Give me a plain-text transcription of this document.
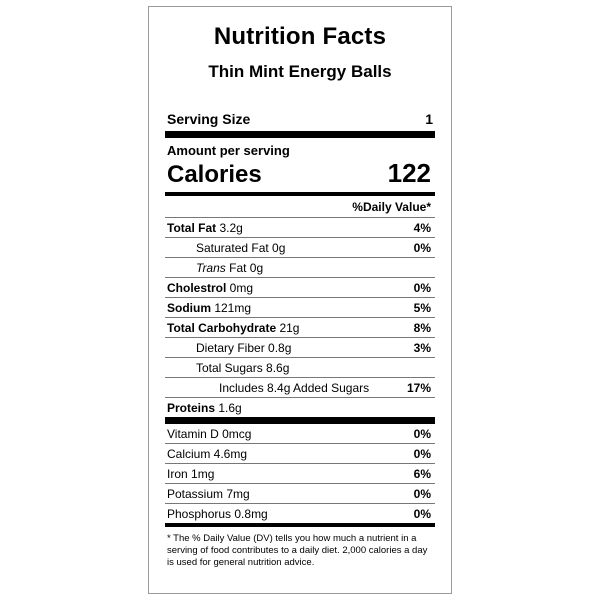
Nutrition Facts
Thin Mint Energy Balls
Serving Size	1
Amount per serving
Calories	122
%Daily Value*
Total Fat 3.2g	4%
Saturated Fat 0g	0%
Trans Fat 0g
Cholestrol 0mg	0%
Sodium 121mg	5%
Total Carbohydrate 21g	8%
Dietary Fiber 0.8g	3%
Total Sugars 8.6g
Includes 8.4g Added Sugars	17%
Proteins 1.6g
Vitamin D 0mcg	0%
Calcium 4.6mg	0%
Iron 1mg	6%
Potassium 7mg	0%
Phosphorus 0.8mg	0%
* The % Daily Value (DV) tells you how much a nutrient in a serving of food contributes to a daily diet. 2,000 calories a day is used for general nutrition advice.
